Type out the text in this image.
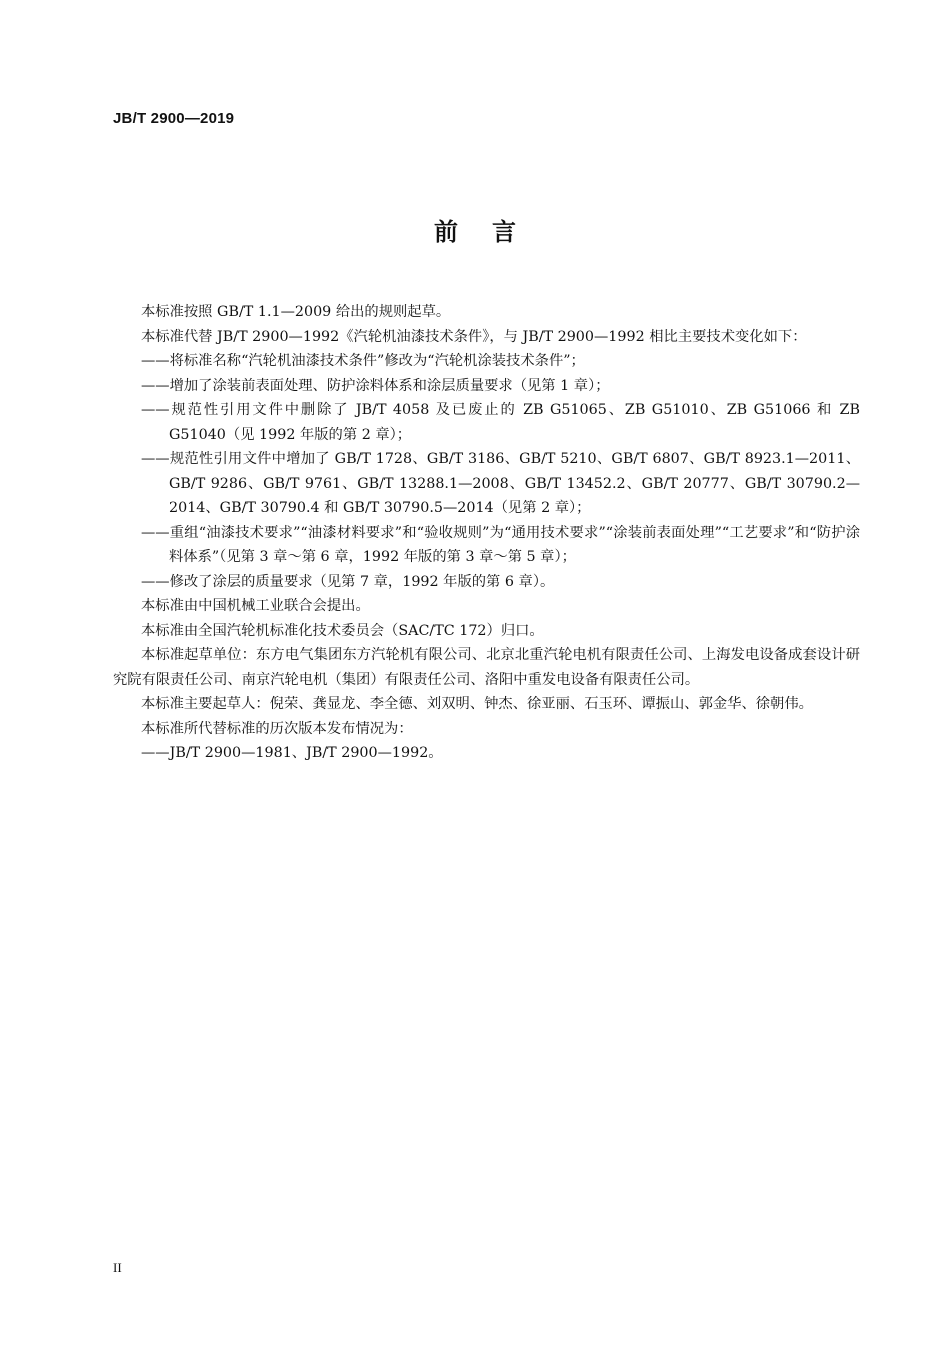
JB/T 2900—2019
前言

本标准按照 GB/T 1.1—2009 给出的规则起草。

本标准代替 JB/T 2900—1992《汽轮机油漆技术条件》，与 JB/T 2900—1992 相比主要技术变化如下：

——将标准名称“汽轮机油漆技术条件”修改为“汽轮机涂装技术条件”；

——增加了涂装前表面处理、防护涂料体系和涂层质量要求（见第 1 章）；

——规范性引用文件中删除了 JB/T 4058 及已废止的 ZB G51065、ZB G51010、ZB G51066 和 ZB G51040（见 1992 年版的第 2 章）；

——规范性引用文件中增加了 GB/T 1728、GB/T 3186、GB/T 5210、GB/T 6807、GB/T 8923.1—2011、GB/T 9286、GB/T 9761、GB/T 13288.1—2008、GB/T 13452.2、GB/T 20777、GB/T 30790.2—2014、GB/T 30790.4 和 GB/T 30790.5—2014（见第 2 章）；

——重组“油漆技术要求”“油漆材料要求”和“验收规则”为“通用技术要求”“涂装前表面处理”“工艺要求”和“防护涂料体系”（见第 3 章～第 6 章，1992 年版的第 3 章～第 5 章）；

——修改了涂层的质量要求（见第 7 章，1992 年版的第 6 章）。

本标准由中国机械工业联合会提出。

本标准由全国汽轮机标准化技术委员会（SAC/TC 172）归口。

本标准起草单位：东方电气集团东方汽轮机有限公司、北京北重汽轮电机有限责任公司、上海发电设备成套设计研究院有限责任公司、南京汽轮电机（集团）有限责任公司、洛阳中重发电设备有限责任公司。

本标准主要起草人：倪荣、龚显龙、李全德、刘双明、钟杰、徐亚丽、石玉环、谭振山、郭金华、徐朝伟。

本标准所代替标准的历次版本发布情况为：

——JB/T 2900—1981、JB/T 2900—1992。

II
